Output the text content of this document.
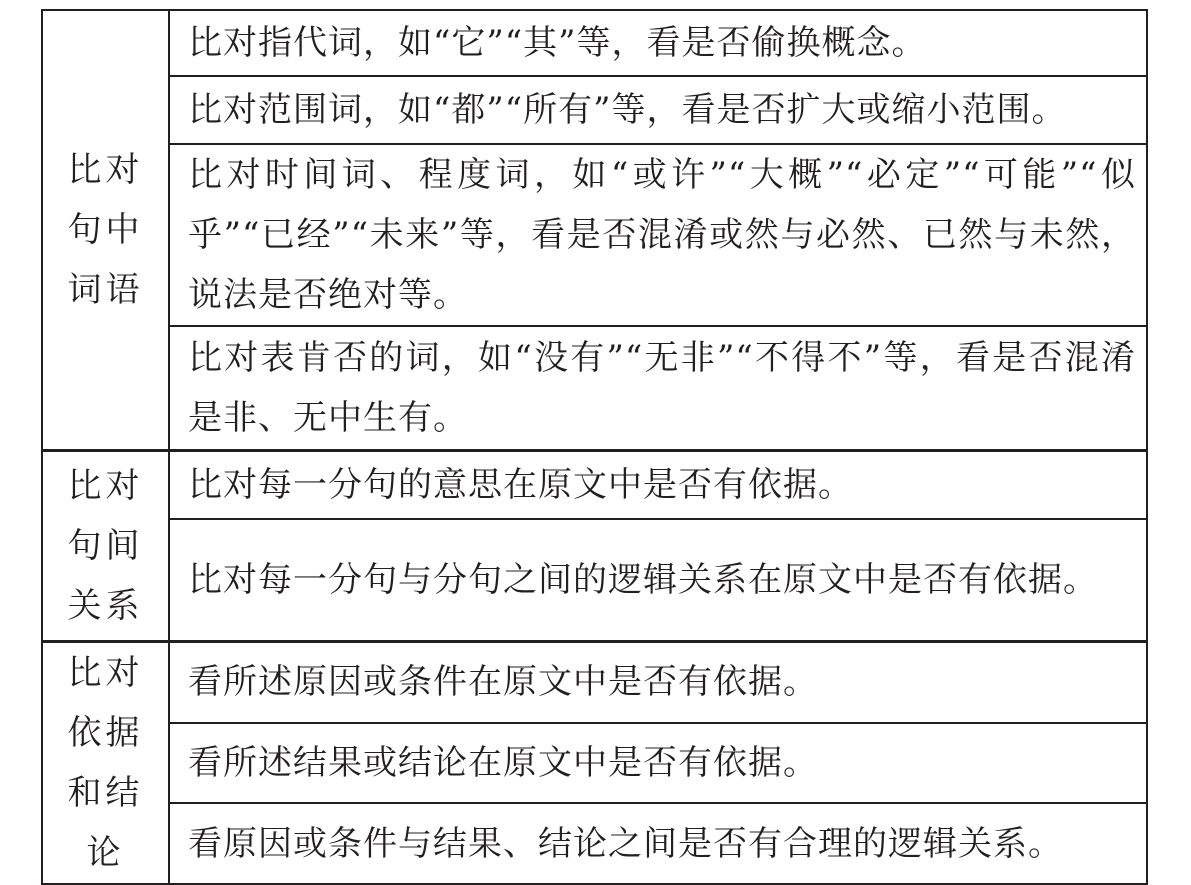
比对句中词语	比对指代词，如“它”“其”等，看是否偷换概念。
	比对范围词，如“都”“所有”等，看是否扩大或缩小范围。
	比对时间词、程度词，如“或许”“大概”“必定”“可能”“似乎”“已经”“未来”等，看是否混淆或然与必然、已然与未然，说法是否绝对等。
	比对表肯否的词，如“没有”“无非”“不得不”等，看是否混淆是非、无中生有。
比对句间关系	比对每一分句的意思在原文中是否有依据。
	比对每一分句与分句之间的逻辑关系在原文中是否有依据。
比对依据和结论	看所述原因或条件在原文中是否有依据。
	看所述结果或结论在原文中是否有依据。
	看原因或条件与结果、结论之间是否有合理的逻辑关系。
